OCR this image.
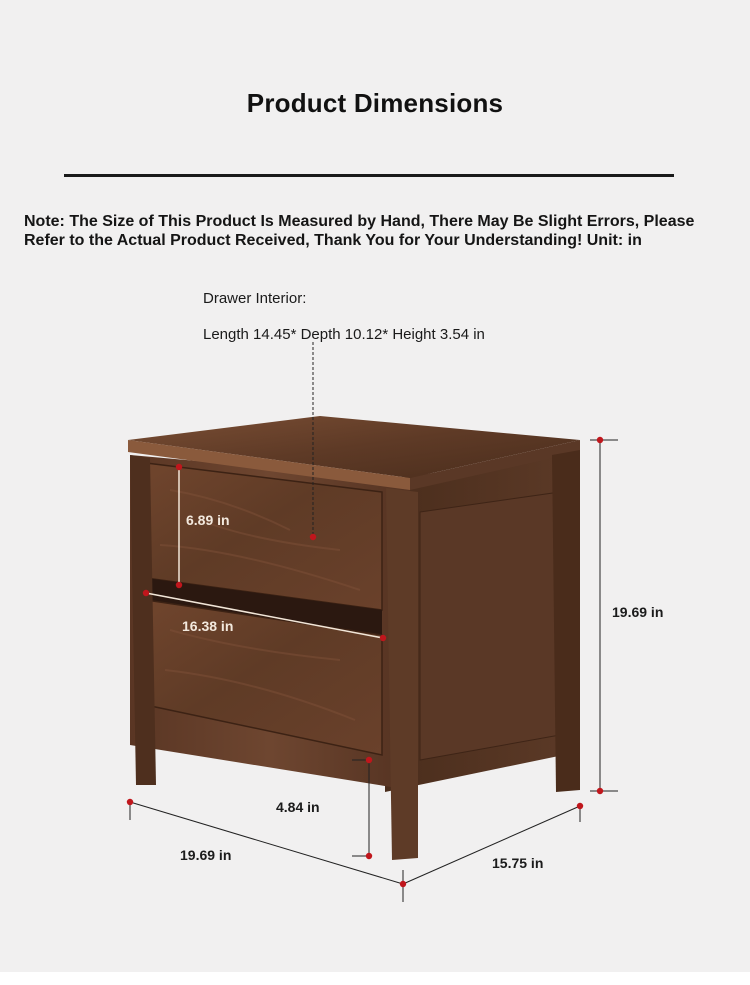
Product Dimensions
Note: The Size of This Product Is Measured by Hand, There May Be Slight Errors, Please Refer to the Actual Product Received, Thank You for Your Understanding! Unit: in
Drawer Interior:
Length 14.45* Depth 10.12* Height 3.54 in
6.89 in
16.38 in
19.69 in
4.84 in
19.69 in	15.75 in
